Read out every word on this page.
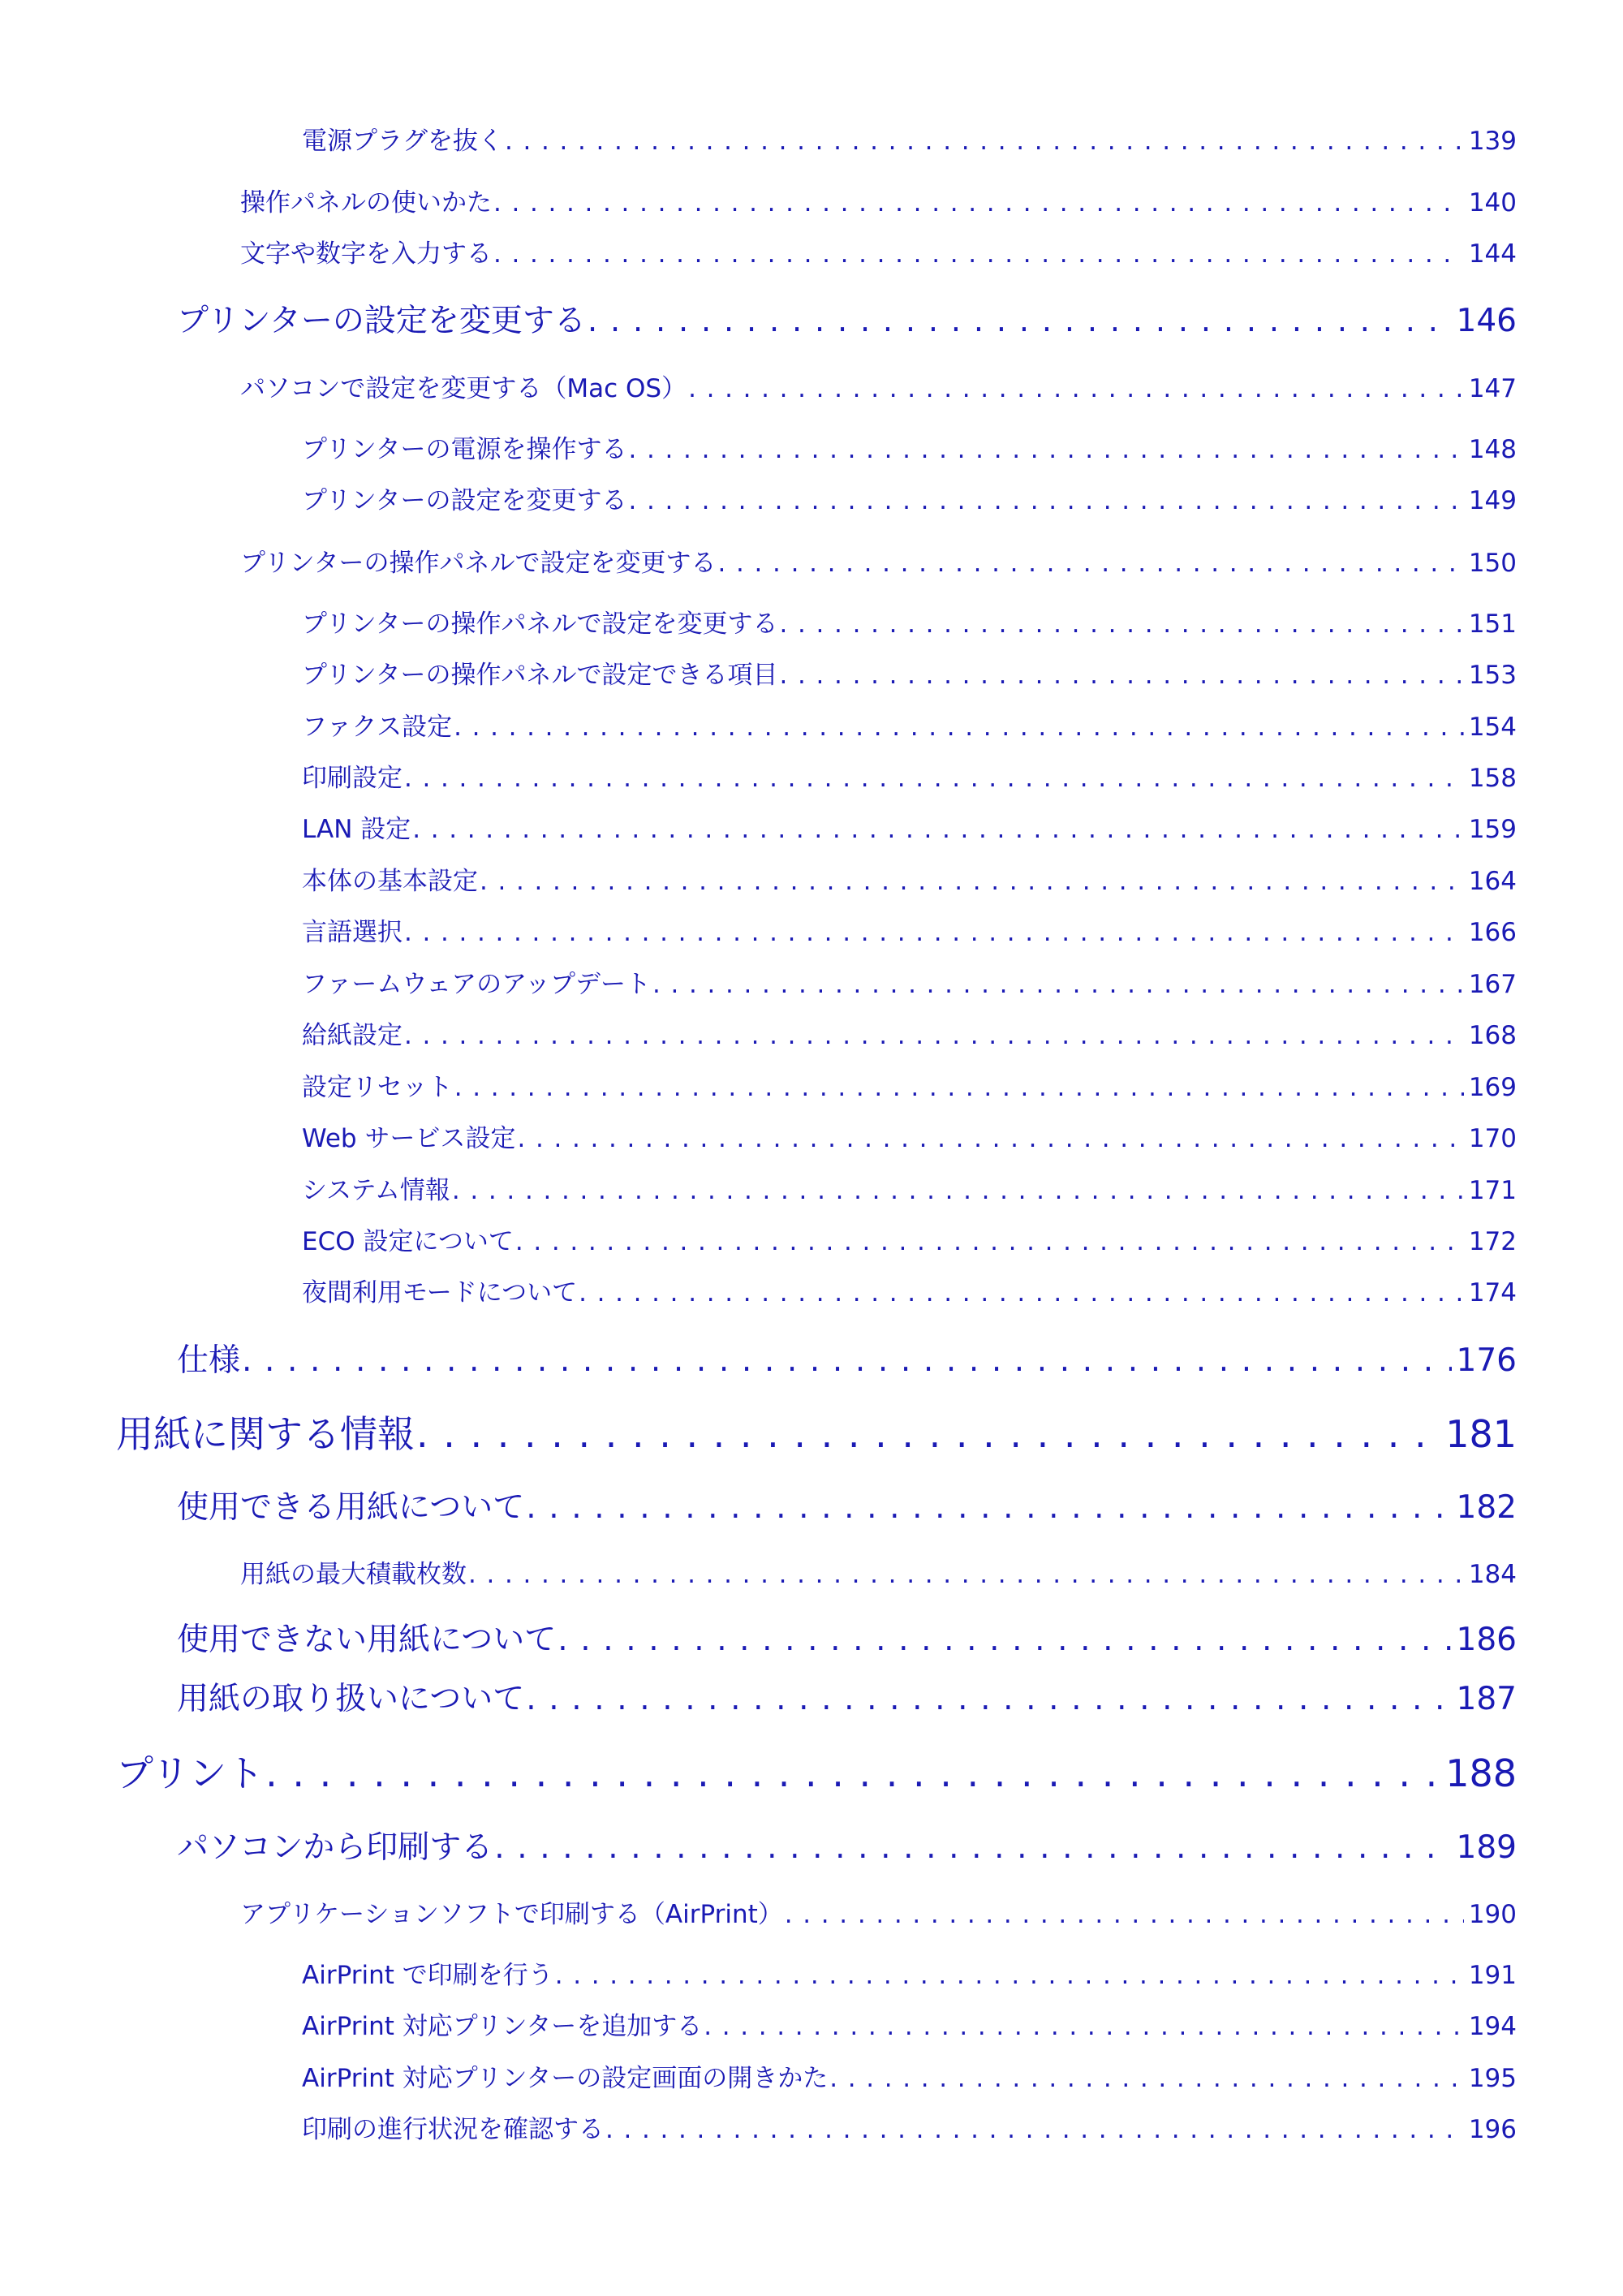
電源プラグを抜く . . .	139
操作パネルの使いかた . . .	140
文字や数字を入力する . . .	144
プリンターの設定を変更する . . .	146
パソコンで設定を変更する（Mac OS） . . .	147
プリンターの電源を操作する . . .	148
プリンターの設定を変更する . . .	149
プリンターの操作パネルで設定を変更する . . .	150
プリンターの操作パネルで設定を変更する . . .	151
プリンターの操作パネルで設定できる項目 . . .	153
ファクス設定 . . .	154
印刷設定 . . .	158
LAN 設定 . . .	159
本体の基本設定 . . .	164
言語選択 . . .	166
ファームウェアのアップデート . . .	167
給紙設定 . . .	168
設定リセット . . .	169
Web サービス設定 . . .	170
システム情報 . . .	171
ECO 設定について . . .	172
夜間利用モードについて . . .	174
仕様 . . .	176
用紙に関する情報 . . .	181
使用できる用紙について . . .	182
用紙の最大積載枚数 . . .	184
使用できない用紙について . . .	186
用紙の取り扱いについて . . .	187
プリント . . .	188
パソコンから印刷する . . .	189
アプリケーションソフトで印刷する（AirPrint） . . .	190
AirPrint で印刷を行う . . .	191
AirPrint 対応プリンターを追加する . . .	194
AirPrint 対応プリンターの設定画面の開きかた . . .	195
印刷の進行状況を確認する . . .	196
